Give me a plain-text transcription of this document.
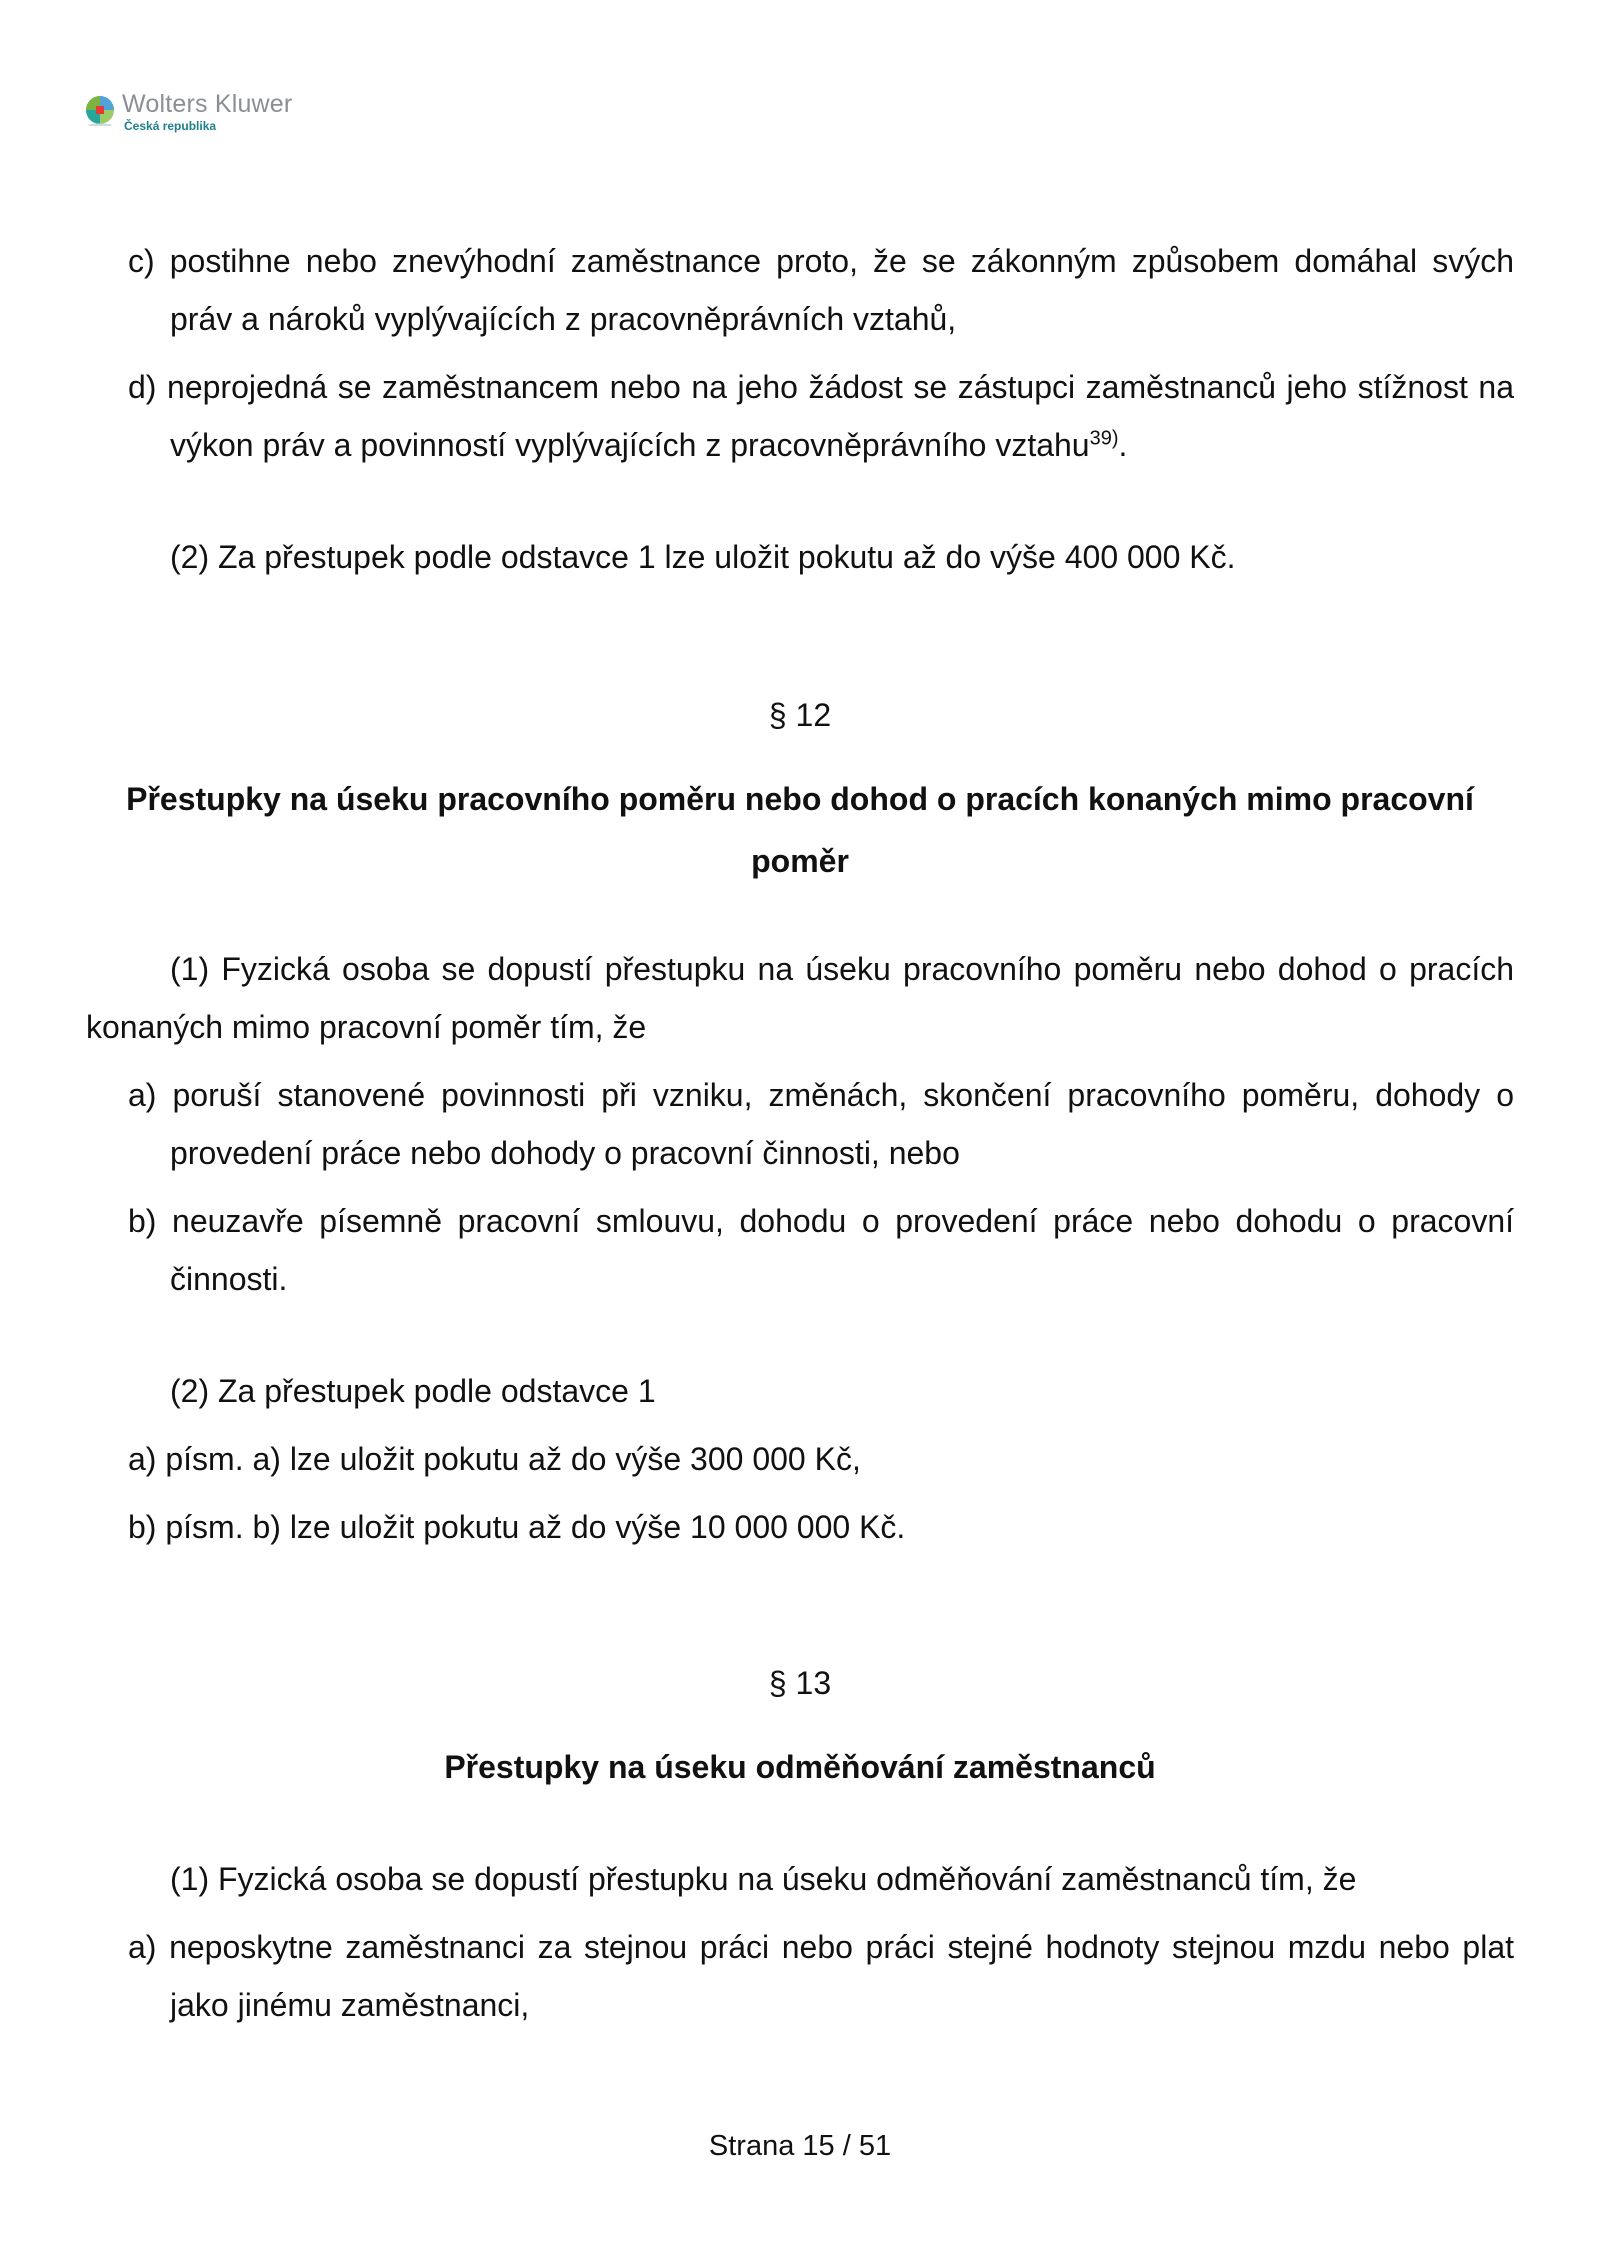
Wolters Kluwer
Česká republika
c) postihne nebo znevýhodní zaměstnance proto, že se zákonným způsobem domáhal svých práv a nároků vyplývajících z pracovněprávních vztahů,
d) neprojedná se zaměstnancem nebo na jeho žádost se zástupci zaměstnanců jeho stížnost na výkon práv a povinností vyplývajících z pracovněprávního vztahu$^{39)}$.
(2) Za přestupek podle odstavce 1 lze uložit pokutu až do výše 400 000 Kč.
§ 12
Přestupky na úseku pracovního poměru nebo dohod o pracích konaných mimo pracovní poměr
(1) Fyzická osoba se dopustí přestupku na úseku pracovního poměru nebo dohod o pracích konaných mimo pracovní poměr tím, že
a) poruší stanovené povinnosti při vzniku, změnách, skončení pracovního poměru, dohody o provedení práce nebo dohody o pracovní činnosti, nebo
b) neuzavře písemně pracovní smlouvu, dohodu o provedení práce nebo dohodu o pracovní činnosti.
(2) Za přestupek podle odstavce 1
a) písm. a) lze uložit pokutu až do výše 300 000 Kč,
b) písm. b) lze uložit pokutu až do výše 10 000 000 Kč.
§ 13
Přestupky na úseku odměňování zaměstnanců
(1) Fyzická osoba se dopustí přestupku na úseku odměňování zaměstnanců tím, že
a) neposkytne zaměstnanci za stejnou práci nebo práci stejné hodnoty stejnou mzdu nebo plat jako jinému zaměstnanci,
Strana 15 / 51
